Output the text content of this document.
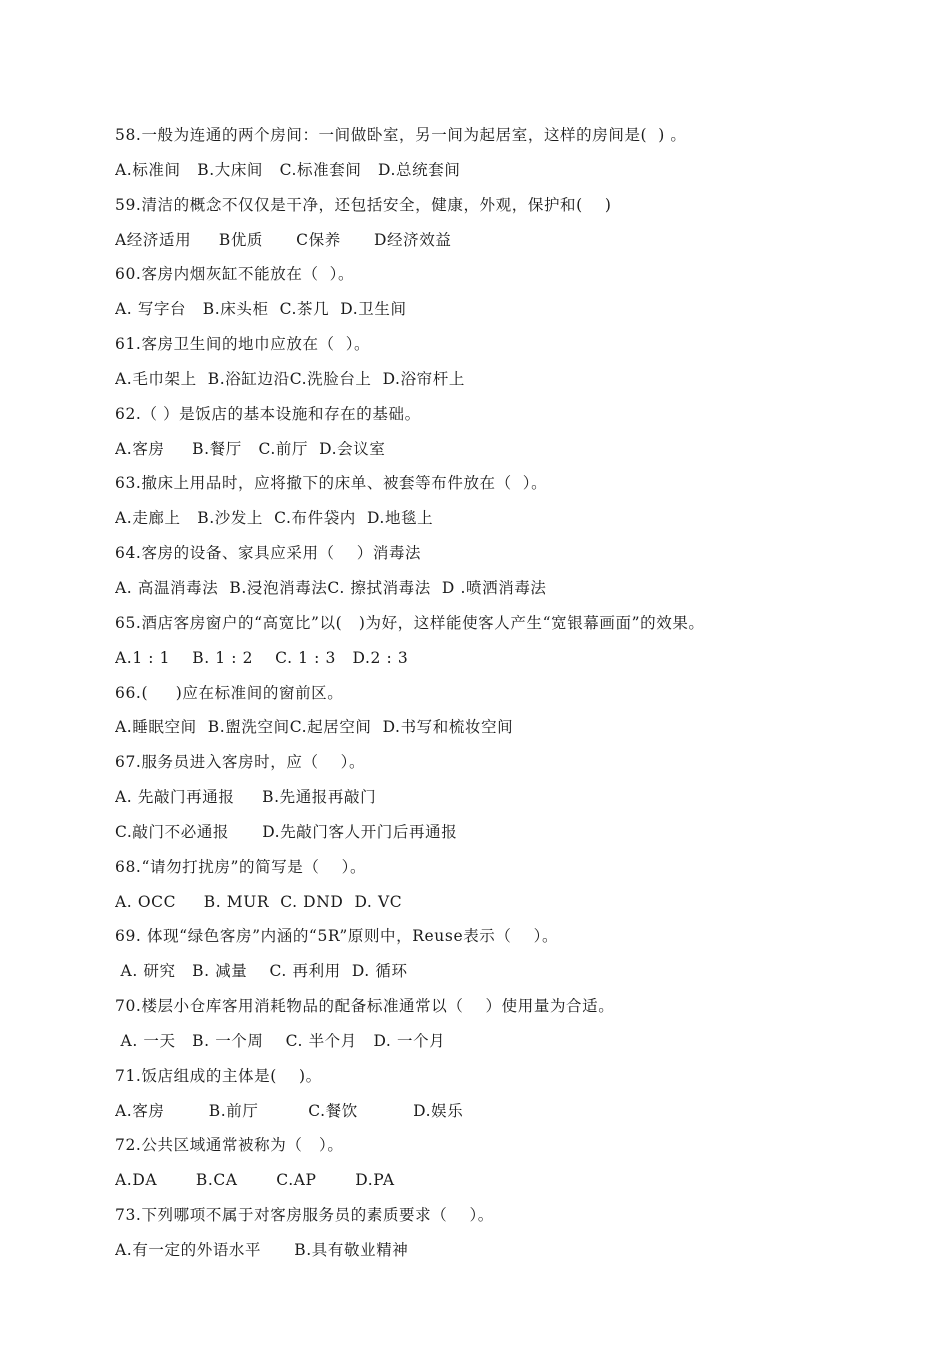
58.一般为连通的两个房间：一间做卧室，另一间为起居室，这样的房间是(  ) 。
A.标准间   B.大床间   C.标准套间   D.总统套间
59.清洁的概念不仅仅是干净，还包括安全，健康，外观，保护和(    )
A经济适用     B优质      C保养      D经济效益
60.客房内烟灰缸不能放在（  ）。
A. 写字台   B.床头柜  C.茶几  D.卫生间
61.客房卫生间的地巾应放在（  ）。
A.毛巾架上  B.浴缸边沿C.洗脸台上  D.浴帘杆上
62.（ ）是饭店的基本设施和存在的基础。
A.客房     B.餐厅   C.前厅  D.会议室
63.撤床上用品时，应将撤下的床单、被套等布件放在（  ）。
A.走廊上   B.沙发上  C.布件袋内  D.地毯上
64.客房的设备、家具应采用（    ）消毒法
A. 高温消毒法  B.浸泡消毒法C. 擦拭消毒法  D .喷洒消毒法
65.酒店客房窗户的“高宽比”以(   )为好，这样能使客人产生“宽银幕画面”的效果。
A.1 : 1    B. 1 : 2    C. 1 : 3   D.2 : 3
66.(     )应在标准间的窗前区。
A.睡眠空间  B.盥洗空间C.起居空间  D.书写和梳妆空间
67.服务员进入客房时，应（    ）。
A. 先敲门再通报     B.先通报再敲门
C.敲门不必通报      D.先敲门客人开门后再通报
68.“请勿打扰房”的简写是（    ）。
A. OCC     B. MUR  C. DND  D. VC
69. 体现“绿色客房”内涵的“5R”原则中，Reuse表示（    ）。
A. 研究   B. 减量    C. 再利用  D. 循环
70.楼层小仓库客用消耗物品的配备标准通常以（    ）使用量为合适。
A. 一天   B. 一个周    C. 半个月   D. 一个月
71.饭店组成的主体是(    )。
A.客房        B.前厅         C.餐饮          D.娱乐
72.公共区域通常被称为（   ）。
A.DA       B.CA       C.AP       D.PA
73.下列哪项不属于对客房服务员的素质要求（    ）。
A.有一定的外语水平      B.具有敬业精神
